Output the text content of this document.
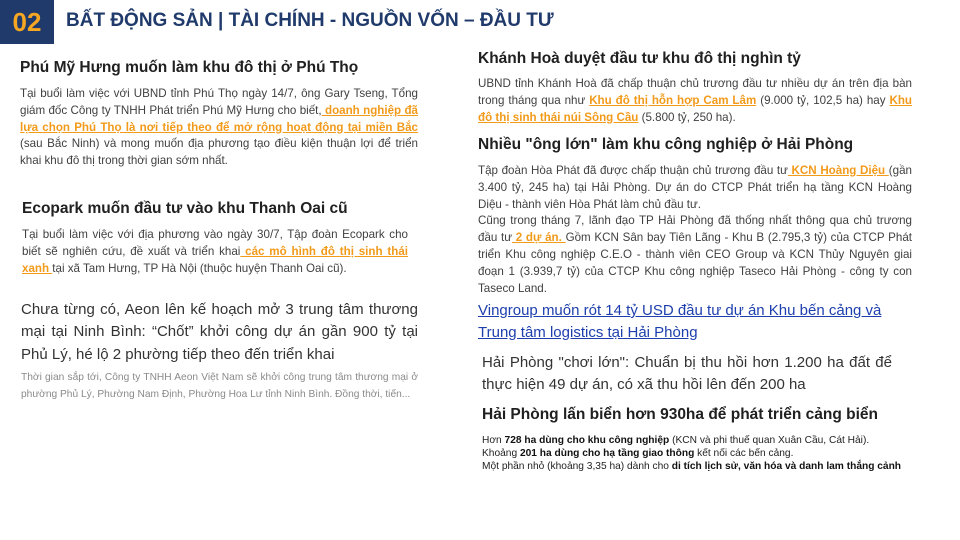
02	BẤT ĐỘNG SẢN | TÀI CHÍNH - NGUỒN VỐN – ĐẦU TƯ
Phú Mỹ Hưng muốn làm khu đô thị ở Phú Thọ
Tại buổi làm việc với UBND tỉnh Phú Thọ ngày 14/7, ông Gary Tseng, Tổng giám đốc Công ty TNHH Phát triển Phú Mỹ Hưng cho biết, doanh nghiệp đã lựa chọn Phú Thọ là nơi tiếp theo để mở rộng hoạt động tại miền Bắc (sau Bắc Ninh) và mong muốn địa phương tạo điều kiện thuận lợi để triển khai khu đô thị trong thời gian sớm nhất.
Ecopark muốn đầu tư vào khu Thanh Oai cũ
Tại buổi làm việc với địa phương vào ngày 30/7, Tập đoàn Ecopark cho biết sẽ nghiên cứu, đề xuất và triển khai các mô hình đô thị sinh thái xanh tại xã Tam Hưng, TP Hà Nội (thuộc huyện Thanh Oai cũ).
Chưa từng có, Aeon lên kế hoạch mở 3 trung tâm thương mại tại Ninh Bình: “Chốt” khởi công dự án gần 900 tỷ tại Phủ Lý, hé lộ 2 phường tiếp theo đến triển khai
Thời gian sắp tới, Công ty TNHH Aeon Việt Nam sẽ khởi công trung tâm thương mại ở phường Phủ Lý, Phường Nam Định, Phường Hoa Lư tỉnh Ninh Bình. Đồng thời, tiến...
Khánh Hoà duyệt đầu tư khu đô thị nghìn tỷ
UBND tỉnh Khánh Hoà đã chấp thuận chủ trương đầu tư nhiều dự án trên địa bàn trong tháng qua như Khu đô thị hỗn hợp Cam Lâm (9.000 tỷ, 102,5 ha) hay Khu đô thị sinh thái núi Sông Cầu (5.800 tỷ, 250 ha).
Nhiều "ông lớn" làm khu công nghiệp ở Hải Phòng
Tập đoàn Hòa Phát đã được chấp thuận chủ trương đầu tư KCN Hoàng Diệu (gần 3.400 tỷ, 245 ha) tại Hải Phòng. Dự án do CTCP Phát triển hạ tầng KCN Hoàng Diệu - thành viên Hòa Phát làm chủ đầu tư.
Cũng trong tháng 7, lãnh đạo TP Hải Phòng đã thống nhất thông qua chủ trương đầu tư 2 dự án. Gồm KCN Sân bay Tiên Lãng - Khu B (2.795,3 tỷ) của CTCP Phát triển Khu công nghiệp C.E.O - thành viên CEO Group và KCN Thủy Nguyên giai đoạn 1 (3.939,7 tỷ) của CTCP Khu công nghiệp Taseco Hải Phòng - công ty con Taseco Land.
Vingroup muốn rót 14 tỷ USD đầu tư dự án Khu bến cảng và Trung tâm logistics tại Hải Phòng
Hải Phòng "chơi lớn": Chuẩn bị thu hồi hơn 1.200 ha đất để thực hiện 49 dự án, có xã thu hồi lên đến 200 ha
Hải Phòng lấn biển hơn 930ha để phát triển cảng biển
Hơn 728 ha dùng cho khu công nghiệp (KCN và phi thuế quan Xuân Cầu, Cát Hải).
Khoảng 201 ha dùng cho hạ tầng giao thông kết nối các bến cảng.
Một phần nhỏ (khoảng 3,35 ha) dành cho di tích lịch sử, văn hóa và danh lam thắng cảnh
